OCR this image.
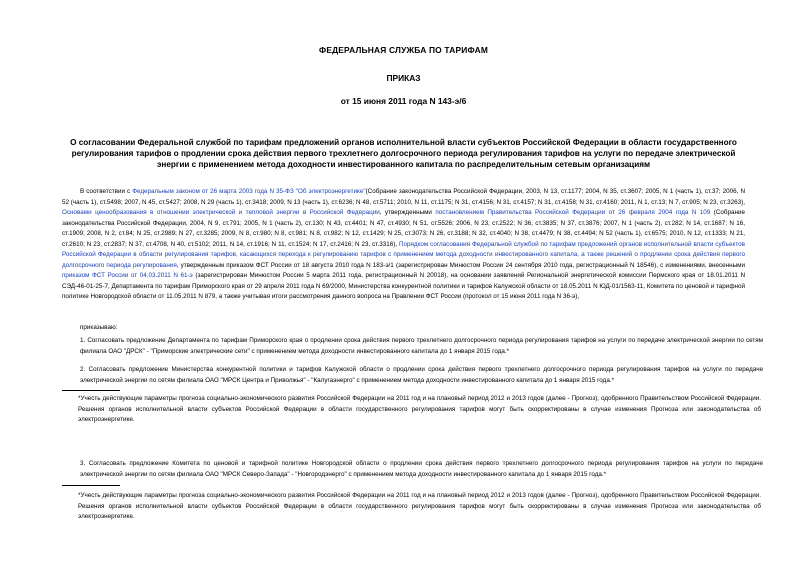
ФЕДЕРАЛЬНАЯ СЛУЖБА ПО ТАРИФАМ
ПРИКАЗ
от 15 июня 2011 года N 143-э/6
О согласовании Федеральной службой по тарифам предложений органов исполнительной власти субъектов Российской Федерации в области государственного регулирования тарифов о продлении срока действия первого трехлетнего долгосрочного периода регулирования тарифов на услуги по передаче электрической энергии с применением метода доходности инвестированного капитала по распределительным сетевым организациям
В соответствии с Федеральным законом от 26 марта 2003 года N 35-ФЗ "Об электроэнергетике"(Собрание законодательства Российской Федерации, 2003, N 13, ст.1177; 2004, N 35, ст.3607; 2005, N 1 (часть 1), ст.37; 2006, N 52 (часть 1), ст.5498; 2007, N 45, ст.5427; 2008, N 29 (часть 1), ст.3418; 2009, N 13 (часть 1), ст.6236; N 48, ст.5711; 2010, N 11, ст.1175; N 31, ст.4156; N 31, ст.4157; N 31, ст.4158; N 31, ст.4160; 2011, N 1, ст.13; N 7, ст.905; N 23, ст.3263), Основами ценообразования в отношении электрической и тепловой энергии в Российской Федерации, утвержденными постановлением Правительства Российской Федерации от 26 февраля 2004 года N 109 (Собрание законодательства Российской Федерации, 2004, N 9, ст.791; 2005, N 1 (часть 2), ст.130; N 43, ст.4401; N 47, ст.4930; N 51, ст.5526; 2006, N 23, ст.2522; N 36, ст.3835; N 37, ст.3876; 2007, N 1 (часть 2), ст.282; N 14, ст.1687; N 16, ст.1909; 2008, N 2, ст.84; N 25, ст.2989; N 27, ст.3285; 2009, N 8, ст.980; N 8, ст.981; N 8, ст.982; N 12, ст.1429; N 25, ст.3073; N 26, ст.3188; N 32, ст.4040; N 38, ст.4479; N 38, ст.4494; N 52 (часть 1), ст.6575; 2010, N 12, ст.1333; N 21, ст.2610; N 23, ст.2837; N 37, ст.4708, N 40, ст.5102; 2011, N 14, ст.1916; N 11, ст.1524; N 17, ст.2416; N 23, ст.3316), Порядком согласования Федеральной службой по тарифам предложений органов исполнительной власти субъектов Российской Федерации в области регулирования тарифов, касающихся перехода к регулированию тарифов с применением метода доходности инвестированного капитала, а также решений о продлении срока действия первого долгосрочного периода регулирования, утвержденным приказом ФСТ России от 18 августа 2010 года N 183-э/1 (зарегистрирован Минюстом России 24 сентября 2010 года, регистрационный N 18546), с изменениями, внесенными приказом ФСТ России от 04.03.2011 N 61-э (зарегистрирован Минюстом России 5 марта 2011 года, регистрационный N 20018), на основании заявлений Региональной энергетической комиссии Пермского края от 18.01.2011 N СЭД-46-01-25-7, Департамента по тарифам Приморского края от 29 апреля 2011 года N 69/2000, Министерства конкурентной политики и тарифов Калужской области от 18.05.2011 N ЮД-01/1563-11, Комитета по ценовой и тарифной политике Новгородской области от 11.05.2011 N 879, а также учитывая итоги рассмотрения данного вопроса на Правлении ФСТ России (протокол от 15 июня 2011 года N 36-э),
приказываю:
1. Согласовать предложение Департамента по тарифам Приморского края о продлении срока действия первого трехлетнего долгосрочного периода регулирования тарифов на услуги по передаче электрической энергии по сетям филиала ОАО "ДРСК" - "Приморские электрические сети" с применением метода доходности инвестированного капитала до 1 января 2015 года.*
2. Согласовать предложение Министерства конкурентной политики и тарифов Калужской области о продлении срока действия первого трехлетнего долгосрочного периода регулирования тарифов на услуги по передаче электрической энергии по сетям филиала ОАО "МРСК Центра и Приволжья" - "Калугаэнерго" с применением метода доходности инвестированного капитала до 1 января 2015 года.*
*Учесть действующие параметры прогноза социально-экономического развития Российской Федерации на 2011 год и на плановый период 2012 и 2013 годов (далее - Прогноз), одобренного Правительством Российской Федерации. Решения органов исполнительной власти субъектов Российской Федерации в области государственного регулирования тарифов могут быть скорректированы в случае изменения Прогноза или законодательства об электроэнергетике.
3. Согласовать предложение Комитета по ценовой и тарифной политике Новгородской области о продлении срока действия первого трехлетнего долгосрочного периода регулирования тарифов на услуги по передаче электрической энергии по сетям филиала ОАО "МРСК Северо-Запада" - "Новгородэнерго" с применением метода доходности инвестированного капитала до 1 января 2015 года.*
*Учесть действующие параметры прогноза социально-экономического развития Российской Федерации на 2011 год и на плановый период 2012 и 2013 годов (далее - Прогноз), одобренного Правительством Российской Федерации. Решения органов исполнительной власти субъектов Российской Федерации в области государственного регулирования тарифов могут быть скорректированы в случае изменения Прогноза или законодательства об электроэнергетике.
